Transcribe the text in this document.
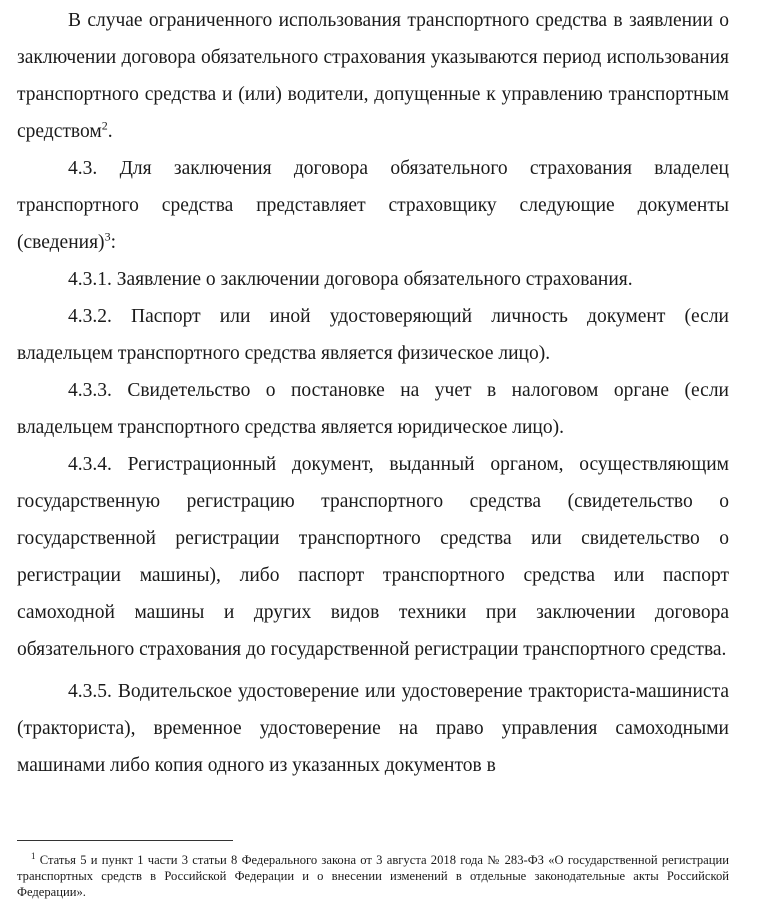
В случае ограниченного использования транспортного средства в заявлении о заключении договора обязательного страхования указываются период использования транспортного средства и (или) водители, допущенные к управлению транспортным средством$^2$.

4.3. Для заключения договора обязательного страхования владелец транспортного средства представляет страховщику следующие документы (сведения)$^3$:

4.3.1. Заявление о заключении договора обязательного страхования.

4.3.2. Паспорт или иной удостоверяющий личность документ (если владельцем транспортного средства является физическое лицо).

4.3.3. Свидетельство о постановке на учет в налоговом органе (если владельцем транспортного средства является юридическое лицо).

4.3.4. Регистрационный документ, выданный органом, осуществляющим государственную регистрацию транспортного средства (свидетельство о государственной регистрации транспортного средства или свидетельство о регистрации машины), либо паспорт транспортного средства или паспорт самоходной машины и других видов техники при заключении договора обязательного страхования до государственной регистрации транспортного средства.

4.3.5. Водительское удостоверение или удостоверение тракториста-машиниста (тракториста), временное удостоверение на право управления самоходными машинами либо копия одного из указанных документов в

$^1$ Статья 5 и пункт 1 части 3 статьи 8 Федерального закона от 3 августа 2018 года № 283-ФЗ «О государственной регистрации транспортных средств в Российской Федерации и о внесении изменений в отдельные законодательные акты Российской Федерации».
